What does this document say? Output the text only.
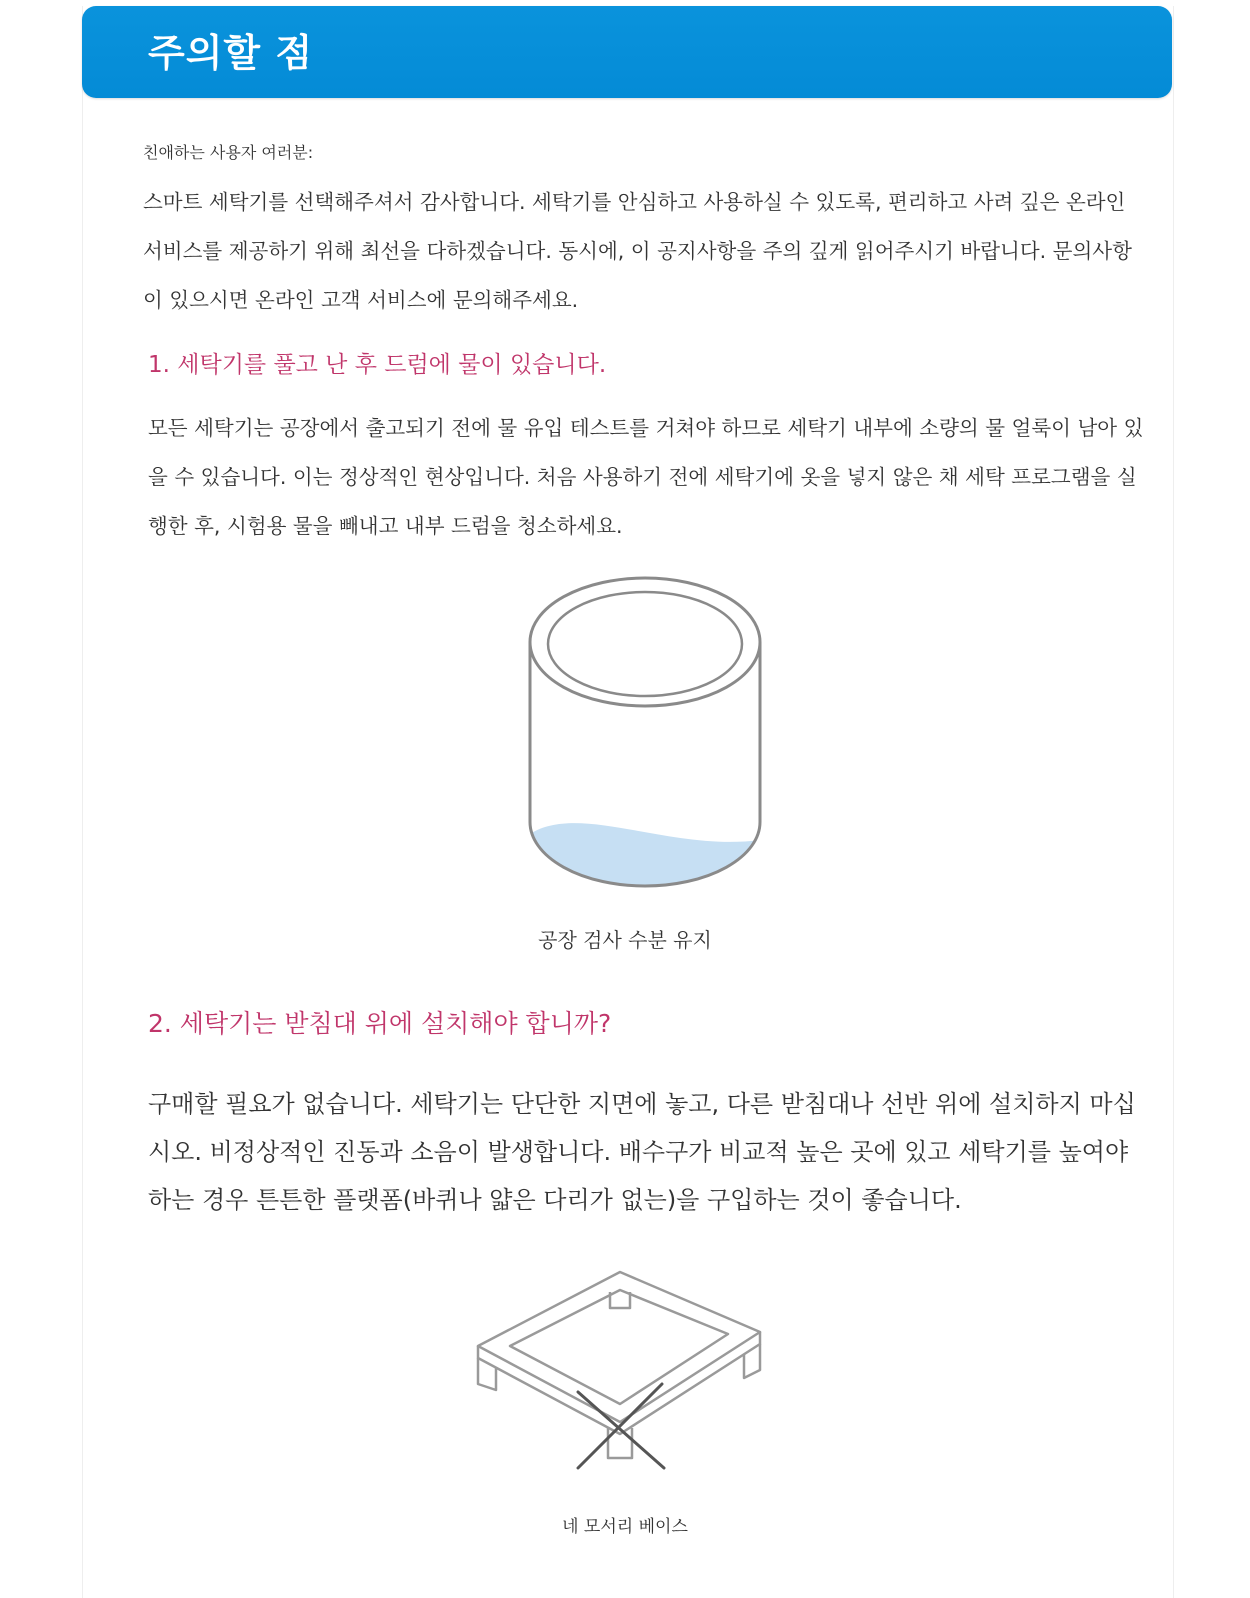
주의할 점

친애하는 사용자 여러분:

스마트 세탁기를 선택해주셔서 감사합니다. 세탁기를 안심하고 사용하실 수 있도록, 편리하고 사려 깊은 온라인 서비스를 제공하기 위해 최선을 다하겠습니다. 동시에, 이 공지사항을 주의 깊게 읽어주시기 바랍니다. 문의사항이 있으시면 온라인 고객 서비스에 문의해주세요.

1. 세탁기를 풀고 난 후 드럼에 물이 있습니다.

모든 세탁기는 공장에서 출고되기 전에 물 유입 테스트를 거쳐야 하므로 세탁기 내부에 소량의 물 얼룩이 남아 있을 수 있습니다. 이는 정상적인 현상입니다. 처음 사용하기 전에 세탁기에 옷을 넣지 않은 채 세탁 프로그램을 실행한 후, 시험용 물을 빼내고 내부 드럼을 청소하세요.

공장 검사 수분 유지

2. 세탁기는 받침대 위에 설치해야 합니까?

구매할 필요가 없습니다. 세탁기는 단단한 지면에 놓고, 다른 받침대나 선반 위에 설치하지 마십시오. 비정상적인 진동과 소음이 발생합니다. 배수구가 비교적 높은 곳에 있고 세탁기를 높여야 하는 경우 튼튼한 플랫폼(바퀴나 얇은 다리가 없는)을 구입하는 것이 좋습니다.

네 모서리 베이스
